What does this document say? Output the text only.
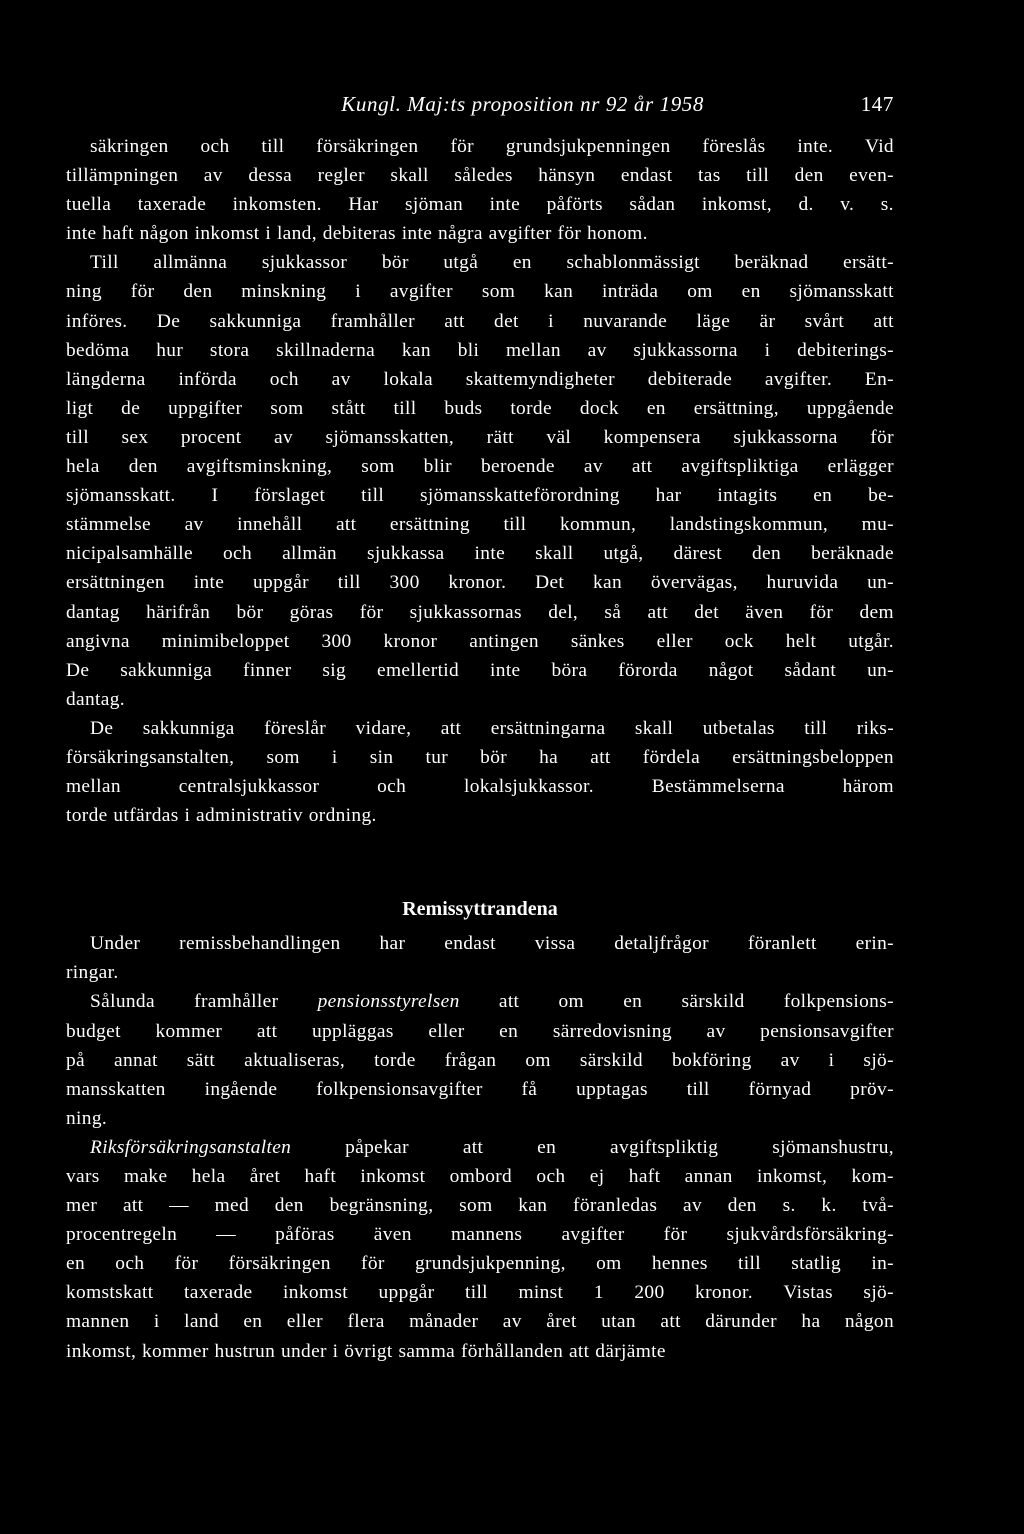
Kungl. Maj:ts proposition nr 92 år 1958	147
säkringen och till försäkringen för grundsjukpenningen föreslås inte. Vid
tillämpningen av dessa regler skall således hänsyn endast tas till den even-
tuella taxerade inkomsten. Har sjöman inte påförts sådan inkomst, d. v. s.
inte haft någon inkomst i land, debiteras inte några avgifter för honom.
Till allmänna sjukkassor bör utgå en schablonmässigt beräknad ersätt-
ning för den minskning i avgifter som kan inträda om en sjömansskatt
införes. De sakkunniga framhåller att det i nuvarande läge är svårt att
bedöma hur stora skillnaderna kan bli mellan av sjukkassorna i debiterings-
längderna införda och av lokala skattemyndigheter debiterade avgifter. En-
ligt de uppgifter som stått till buds torde dock en ersättning, uppgående
till sex procent av sjömansskatten, rätt väl kompensera sjukkassorna för
hela den avgiftsminskning, som blir beroende av att avgiftspliktiga erlägger
sjömansskatt. I förslaget till sjömansskatteförordning har intagits en be-
stämmelse av innehåll att ersättning till kommun, landstingskommun, mu-
nicipalsamhälle och allmän sjukkassa inte skall utgå, därest den beräknade
ersättningen inte uppgår till 300 kronor. Det kan övervägas, huruvida un-
dantag härifrån bör göras för sjukkassornas del, så att det även för dem
angivna minimibeloppet 300 kronor antingen sänkes eller ock helt utgår.
De sakkunniga finner sig emellertid inte böra förorda något sådant un-
dantag.
De sakkunniga föreslår vidare, att ersättningarna skall utbetalas till riks-
försäkringsanstalten, som i sin tur bör ha att fördela ersättningsbeloppen
mellan	centralsjukkassor	och	lokalsjukkassor.	Bestämmelserna	härom
torde utfärdas i administrativ ordning.
Remissyttrandena
Under remissbehandlingen har endast vissa detaljfrågor föranlett erin-
ringar.
Sålunda framhåller pensionsstyrelsen att om en särskild folkpensions-
budget kommer att uppläggas eller en särredovisning av pensionsavgifter
på annat sätt aktualiseras, torde frågan om särskild bokföring av i sjö-
mansskatten ingående folkpensionsavgifter få upptagas till förnyad pröv-
ning.
Riksförsäkringsanstalten	påpekar	att	en	avgiftspliktig	sjömanshustru,
vars make hela året haft inkomst ombord och ej haft annan inkomst, kom-
mer att — med den begränsning, som kan föranledas av den s. k. två-
procentregeln — påföras även mannens avgifter för sjukvårdsförsäkring-
en och för försäkringen för grundsjukpenning, om hennes till statlig in-
komstskatt taxerade inkomst uppgår till minst 1 200 kronor. Vistas sjö-
mannen i land en eller flera månader av året utan att därunder ha någon
inkomst, kommer hustrun under i övrigt samma förhållanden att därjämte
